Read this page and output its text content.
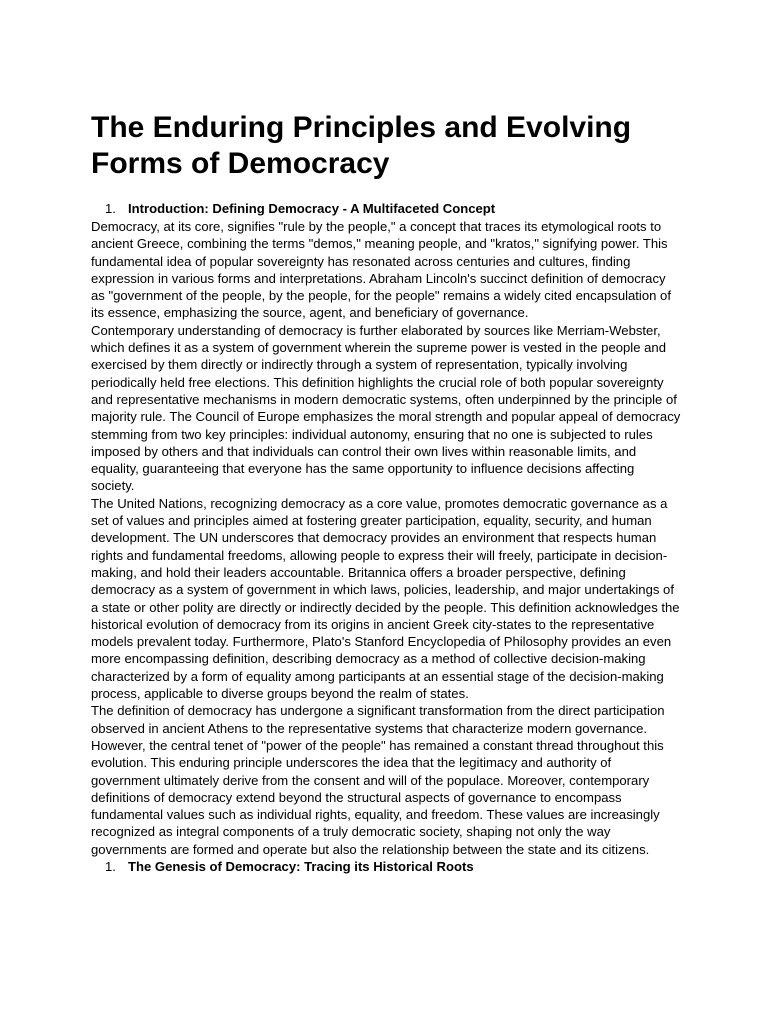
The Enduring Principles and Evolving Forms of Democracy
1. Introduction: Defining Democracy - A Multifaceted Concept

Democracy, at its core, signifies "rule by the people," a concept that traces its etymological roots to ancient Greece, combining the terms "demos," meaning people, and "kratos," signifying power. This fundamental idea of popular sovereignty has resonated across centuries and cultures, finding expression in various forms and interpretations. Abraham Lincoln's succinct definition of democracy as "government of the people, by the people, for the people" remains a widely cited encapsulation of its essence, emphasizing the source, agent, and beneficiary of governance.

Contemporary understanding of democracy is further elaborated by sources like Merriam-Webster, which defines it as a system of government wherein the supreme power is vested in the people and exercised by them directly or indirectly through a system of representation, typically involving periodically held free elections. This definition highlights the crucial role of both popular sovereignty and representative mechanisms in modern democratic systems, often underpinned by the principle of majority rule. The Council of Europe emphasizes the moral strength and popular appeal of democracy stemming from two key principles: individual autonomy, ensuring that no one is subjected to rules imposed by others and that individuals can control their own lives within reasonable limits, and equality, guaranteeing that everyone has the same opportunity to influence decisions affecting society.

The United Nations, recognizing democracy as a core value, promotes democratic governance as a set of values and principles aimed at fostering greater participation, equality, security, and human development. The UN underscores that democracy provides an environment that respects human rights and fundamental freedoms, allowing people to express their will freely, participate in decision-making, and hold their leaders accountable. Britannica offers a broader perspective, defining democracy as a system of government in which laws, policies, leadership, and major undertakings of a state or other polity are directly or indirectly decided by the people. This definition acknowledges the historical evolution of democracy from its origins in ancient Greek city-states to the representative models prevalent today. Furthermore, Plato's Stanford Encyclopedia of Philosophy provides an even more encompassing definition, describing democracy as a method of collective decision-making characterized by a form of equality among participants at an essential stage of the decision-making process, applicable to diverse groups beyond the realm of states.

The definition of democracy has undergone a significant transformation from the direct participation observed in ancient Athens to the representative systems that characterize modern governance. However, the central tenet of "power of the people" has remained a constant thread throughout this evolution. This enduring principle underscores the idea that the legitimacy and authority of government ultimately derive from the consent and will of the populace. Moreover, contemporary definitions of democracy extend beyond the structural aspects of governance to encompass fundamental values such as individual rights, equality, and freedom. These values are increasingly recognized as integral components of a truly democratic society, shaping not only the way governments are formed and operate but also the relationship between the state and its citizens.

1. The Genesis of Democracy: Tracing its Historical Roots
